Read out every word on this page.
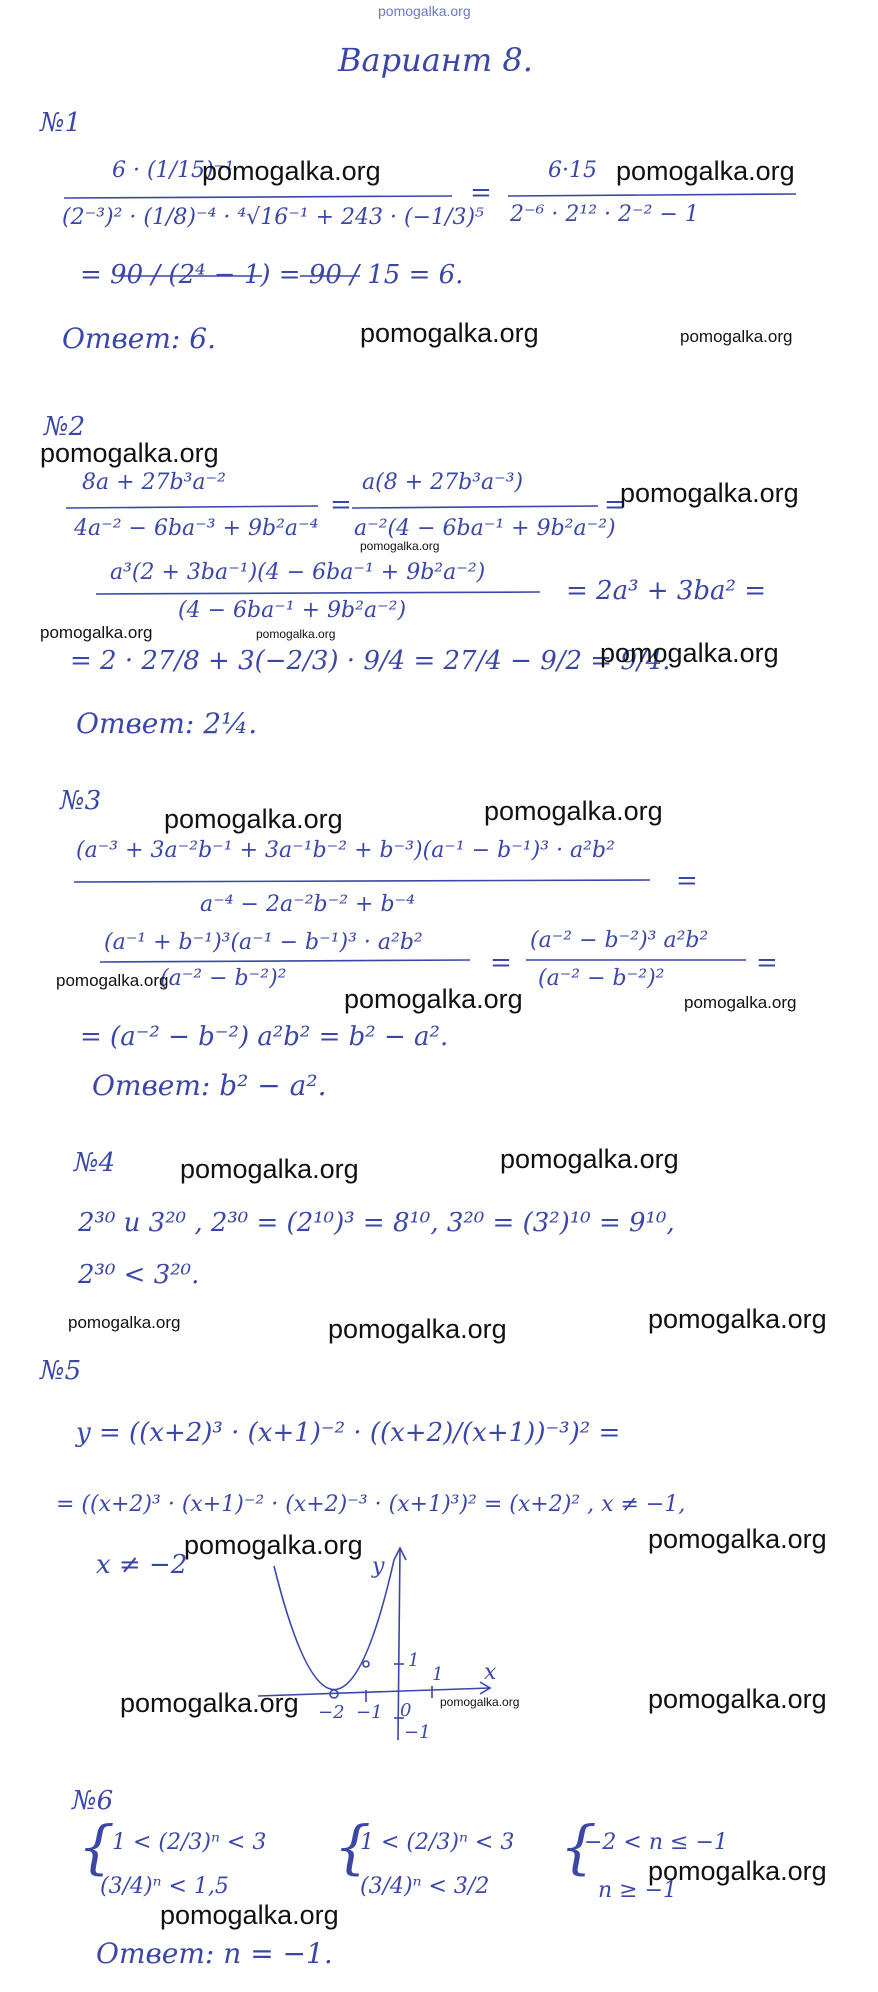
pomogalka.org
Вариант 8.
№1
6 · (1/15)⁻¹
(2⁻³)² · (1/8)⁻⁴ · ⁴√16⁻¹ + 243 · (−1/3)⁵
=
6·15
2⁻⁶ · 2¹² · 2⁻² − 1
= 90 / (2⁴ − 1) = 90 / 15 = 6.
Ответ: 6.
№2
8a + 27b³a⁻²
4a⁻² − 6ba⁻³ + 9b²a⁻⁴
=
a(8 + 27b³a⁻³)
a⁻²(4 − 6ba⁻¹ + 9b²a⁻²)
=
a³(2 + 3ba⁻¹)(4 − 6ba⁻¹ + 9b²a⁻²)
(4 − 6ba⁻¹ + 9b²a⁻²)
= 2a³ + 3ba² =
= 2 · 27/8 + 3(−2/3) · 9/4 = 27/4 − 9/2 = 9/4.
Ответ: 2¼.
№3
(a⁻³ + 3a⁻²b⁻¹ + 3a⁻¹b⁻² + b⁻³)(a⁻¹ − b⁻¹)³ · a²b²
a⁻⁴ − 2a⁻²b⁻² + b⁻⁴
=
(a⁻¹ + b⁻¹)³(a⁻¹ − b⁻¹)³ · a²b²
(a⁻² − b⁻²)²
=
(a⁻² − b⁻²)³ a²b²
(a⁻² − b⁻²)²
=
= (a⁻² − b⁻²) a²b² = b² − a².
Ответ: b² − a².
№4
2³⁰ и 3²⁰ , 2³⁰ = (2¹⁰)³ = 8¹⁰, 3²⁰ = (3²)¹⁰ = 9¹⁰,
2³⁰ < 3²⁰.
№5
y = ((x+2)³ · (x+1)⁻² · ((x+2)/(x+1))⁻³)² =
= ((x+2)³ · (x+1)⁻² · (x+2)⁻³ · (x+1)³)² = (x+2)² , x ≠ −1,
x ≠ −2	y
x
1
−1
−1
−2	0
1
№6
{
1 < (2/3)ⁿ < 3
(3/4)ⁿ < 1,5
{
1 < (2/3)ⁿ < 3
(3/4)ⁿ < 3/2
{
−2 < n ≤ −1
n ≥ −1
Ответ: n = −1.
pomogalka.org	pomogalka.org
pomogalka.org	pomogalka.org
pomogalka.org
pomogalka.org
pomogalka.org
pomogalka.org	pomogalka.org
pomogalka.org
pomogalka.org	pomogalka.org
pomogalka.org
pomogalka.org	pomogalka.org
pomogalka.org	pomogalka.org
pomogalka.org	pomogalka.org	pomogalka.org
pomogalka.org	pomogalka.org
pomogalka.org	pomogalka.org	pomogalka.org
pomogalka.org
pomogalka.org
